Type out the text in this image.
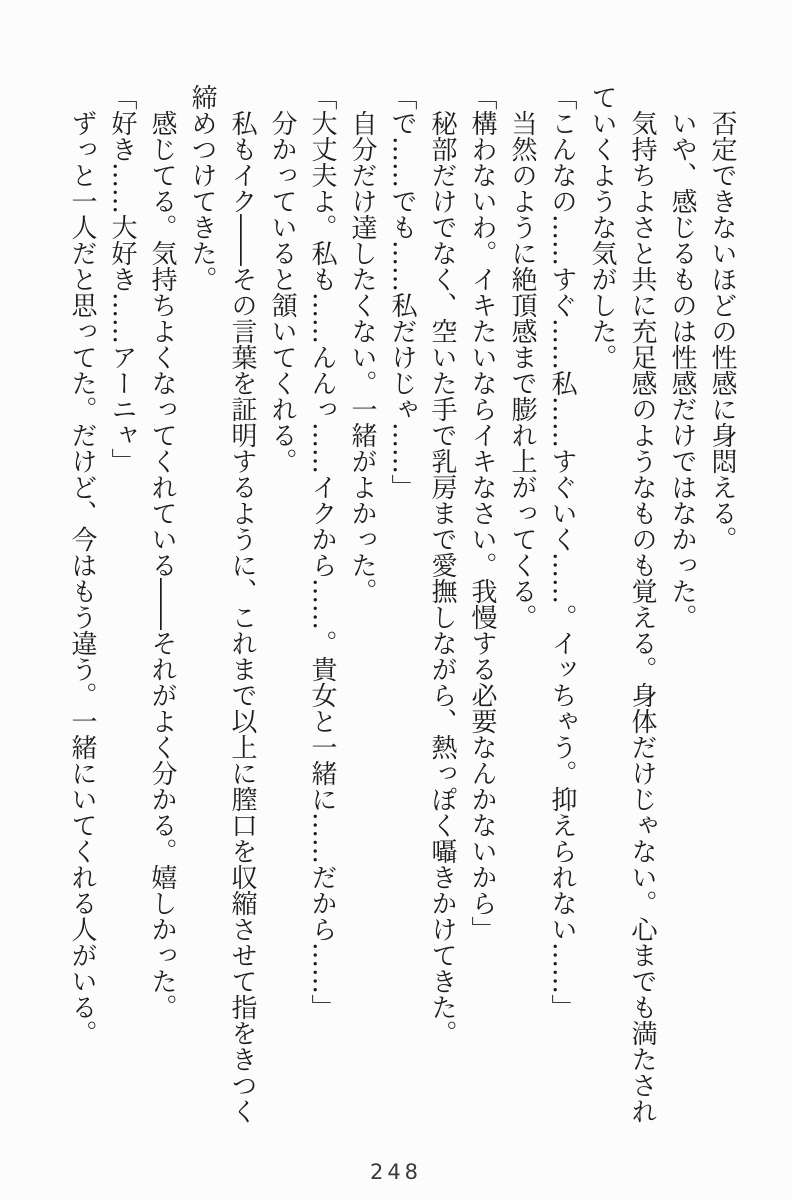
否定できないほどの性感に身悶える。

いや、感じるものは性感だけではなかった。

気持ちよさと共に充足感のようなものも覚える。身体だけじゃない。心までも満たされていくような気がした。

「こんなの……すぐ……私……すぐいく……。イッちゃう。抑えられない……」

当然のように絶頂感まで膨れ上がってくる。

「構わないわ。イキたいならイキなさい。我慢する必要なんかないから」

秘部だけでなく、空いた手で乳房まで愛撫しながら、熱っぽく囁きかけてきた。

「で……でも……私だけじゃ……」

自分だけ達したくない。一緒がよかった。

「大丈夫よ。私も……んんっ……イクから……。貴女と一緒に……だから……」

分かっていると頷いてくれる。

私もイク――その言葉を証明するように、これまで以上に膣口を収縮させて指をきつく締めつけてきた。

感じてる。気持ちよくなってくれている――それがよく分かる。嬉しかった。

「好き……大好き……アーニャ」

ずっと一人だと思ってた。だけど、今はもう違う。一緒にいてくれる人がいる。

248
